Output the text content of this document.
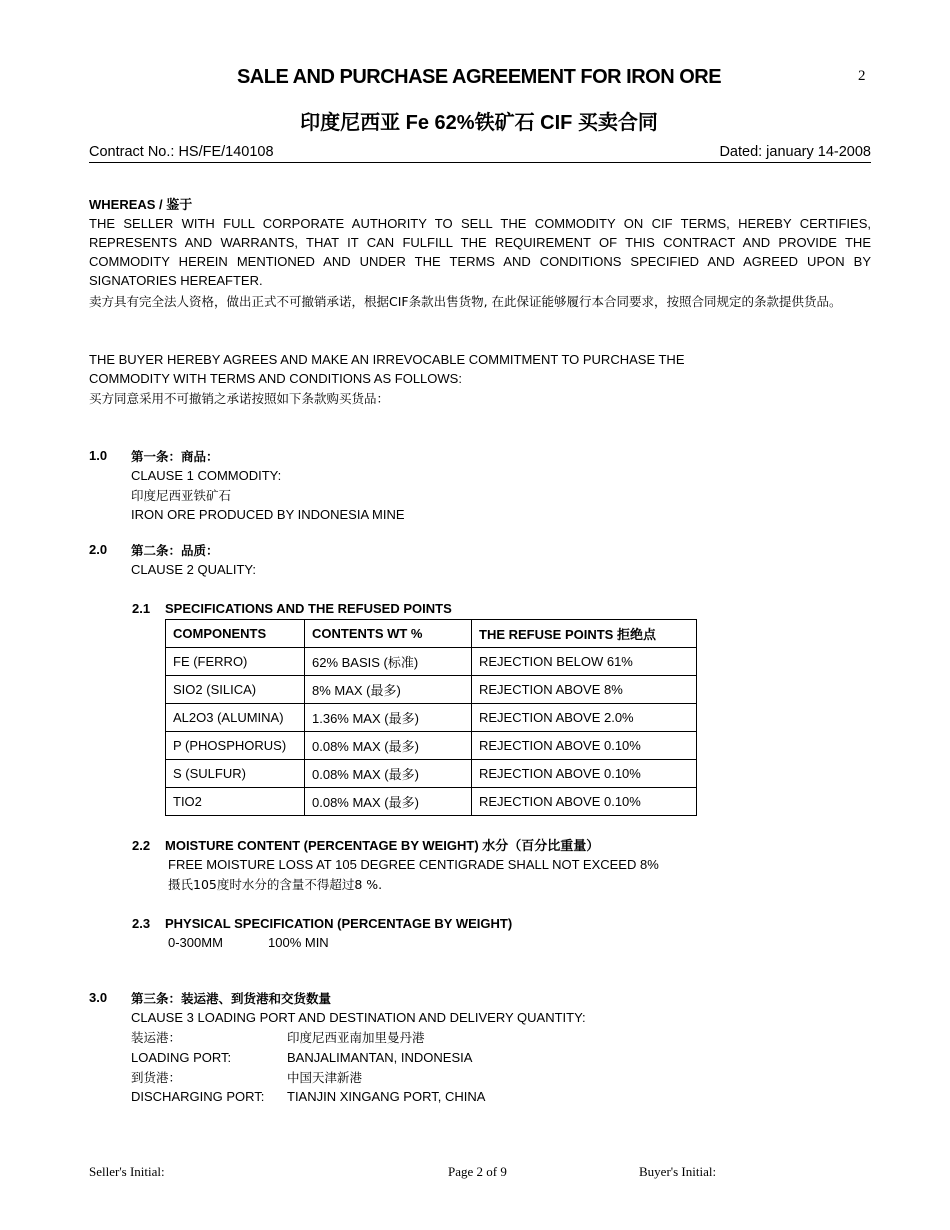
2
SALE AND PURCHASE AGREEMENT FOR IRON ORE
印度尼西亚 Fe 62%铁矿石 CIF 买卖合同
Contract No.: HS/FE/140108	Dated: january 14-2008
WHEREAS / 鉴于
THE SELLER WITH FULL CORPORATE AUTHORITY TO SELL THE COMMODITY ON CIF TERMS, HEREBY CERTIFIES, REPRESENTS AND WARRANTS, THAT IT CAN FULFILL THE REQUIREMENT OF THIS CONTRACT AND PROVIDE THE COMMODITY HEREIN MENTIONED AND UNDER THE TERMS AND CONDITIONS SPECIFIED AND AGREED UPON BY SIGNATORIES HEREAFTER.
卖方具有完全法人资格，做出正式不可撤销承诺，根据CIF条款出售货物, 在此保证能够履行本合同要求，按照合同规定的条款提供货品。
THE BUYER HEREBY AGREES AND MAKE AN IRREVOCABLE COMMITMENT TO PURCHASE THE
COMMODITY WITH TERMS AND CONDITIONS AS FOLLOWS:
买方同意采用不可撤销之承诺按照如下条款购买货品：
1.0 第一条：商品：
CLAUSE 1 COMMODITY:
印度尼西亚铁矿石
IRON ORE PRODUCED BY INDONESIA MINE
2.0 第二条：品质：
CLAUSE 2 QUALITY:
2.1 SPECIFICATIONS AND THE REFUSED POINTS
COMPONENTS	CONTENTS WT %	THE REFUSE POINTS 拒绝点
FE (FERRO)	62% BASIS (标准)	REJECTION BELOW 61%
SIO2 (SILICA)	8% MAX (最多)	REJECTION ABOVE 8%
AL2O3 (ALUMINA)	1.36% MAX (最多)	REJECTION ABOVE 2.0%
P (PHOSPHORUS)	0.08% MAX (最多)	REJECTION ABOVE 0.10%
S (SULFUR)	0.08% MAX (最多)	REJECTION ABOVE 0.10%
TIO2	0.08% MAX (最多)	REJECTION ABOVE 0.10%
2.2 MOISTURE CONTENT (PERCENTAGE BY WEIGHT) 水分（百分比重量）
FREE MOISTURE LOSS AT 105 DEGREE CENTIGRADE SHALL NOT EXCEED 8%
摄氏105度时水分的含量不得超过8 %.
2.3 PHYSICAL SPECIFICATION (PERCENTAGE BY WEIGHT)
0-300MM	100% MIN
3.0 第三条：装运港、到货港和交货数量
CLAUSE 3 LOADING PORT AND DESTINATION AND DELIVERY QUANTITY:
装运港：	印度尼西亚南加里曼丹港
LOADING PORT:	BANJALIMANTAN, INDONESIA
到货港：	中国天津新港
DISCHARGING PORT: TIANJIN XINGANG PORT, CHINA
Seller's Initial:	Page 2 of 9	Buyer's Initial:
